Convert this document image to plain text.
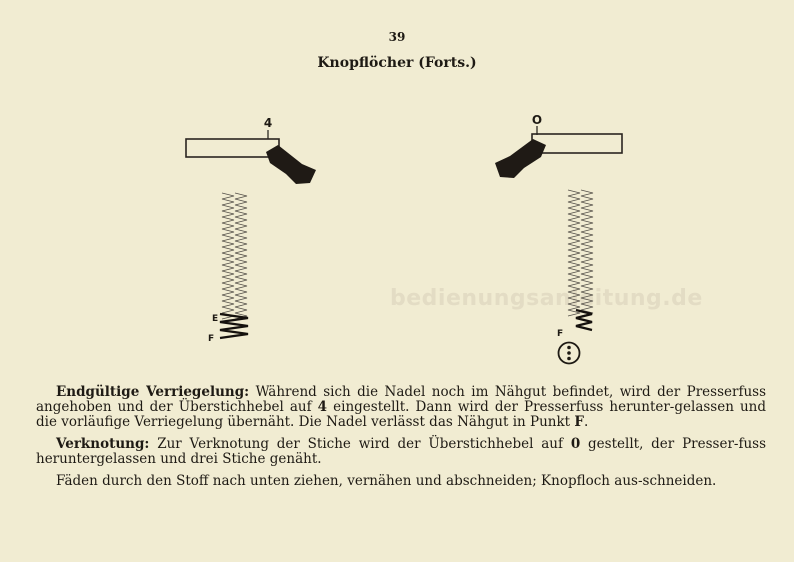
39
Knopflöcher (Forts.)
bedienungsanleitung.de
4
E
F
O
F

Endgültige Verriegelung: Während sich die Nadel noch im Nähgut befindet, wird der Presserfuss angehoben und der Überstichhebel auf 4 eingestellt. Dann wird der Presserfuss herunter-gelassen und die vorläufige Verriegelung übernäht. Die Nadel verlässt das Nähgut in Punkt F.

Verknotung: Zur Verknotung der Stiche wird der Überstichhebel auf 0 gestellt, der Presser-fuss heruntergelassen und drei Stiche genäht.

Fäden durch den Stoff nach unten ziehen, vernähen und abschneiden; Knopfloch aus-schneiden.
